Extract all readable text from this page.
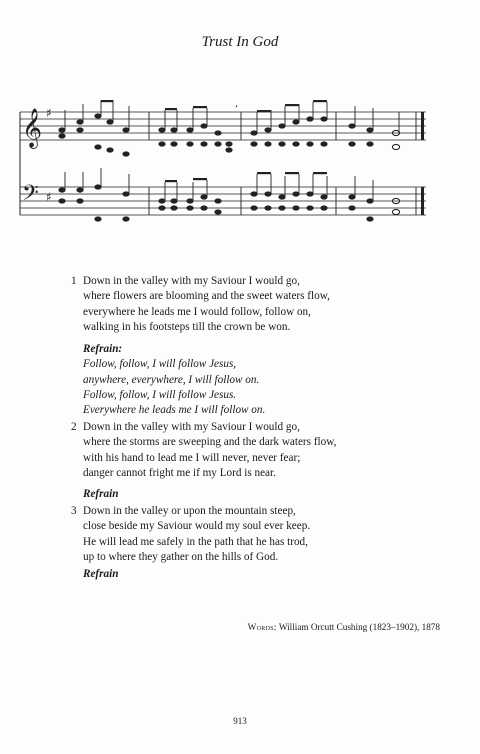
Trust In God
𝄞
𝄢
♯
♯
,
1 Down in the valley with my Saviour I would go,
where flowers are blooming and the sweet waters flow,
everywhere he leads me I would follow, follow on,
walking in his footsteps till the crown be won.
Refrain:
Follow, follow, I will follow Jesus,
anywhere, everywhere, I will follow on.
Follow, follow, I will follow Jesus.
Everywhere he leads me I will follow on.
2 Down in the valley with my Saviour I would go,
where the storms are sweeping and the dark waters flow,
with his hand to lead me I will never, never fear;
danger cannot fright me if my Lord is near.
Refrain
3 Down in the valley or upon the mountain steep,
close beside my Saviour would my soul ever keep.
He will lead me safely in the path that he has trod,
up to where they gather on the hills of God.
Refrain
Words: William Orcutt Cushing (1823–1902), 1878
913
